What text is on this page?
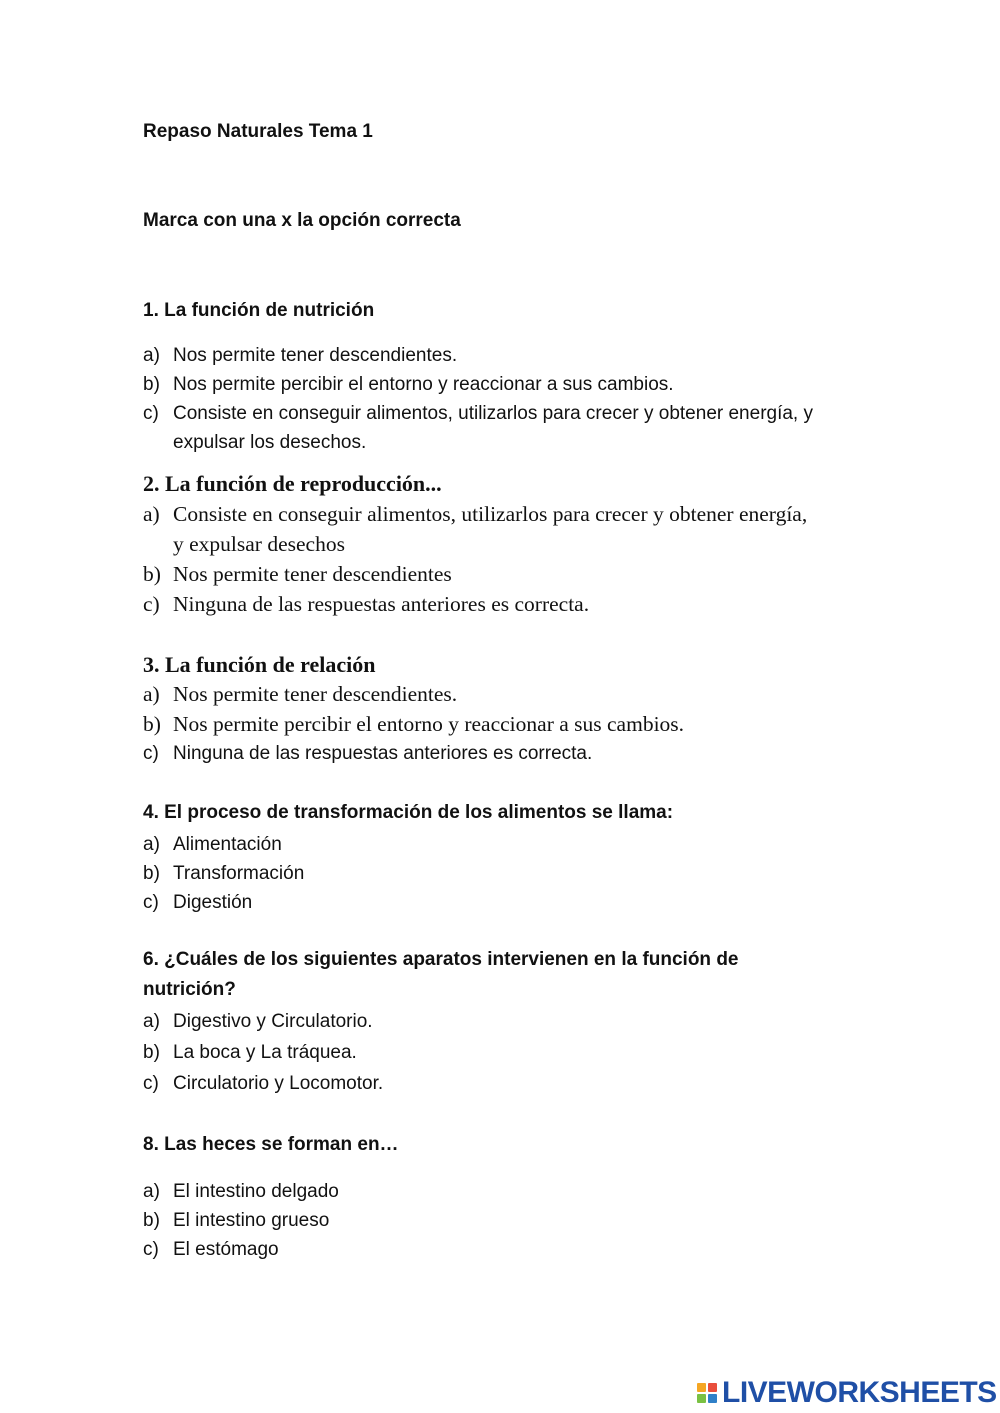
Repaso Naturales Tema 1
Marca con una x la opción correcta
1. La función de nutrición
a) Nos permite tener descendientes.
b) Nos permite percibir el entorno y reaccionar a sus cambios.
c) Consiste en conseguir alimentos, utilizarlos para crecer y obtener energía, y expulsar los desechos.
2. La función de reproducción...
a) Consiste en conseguir alimentos, utilizarlos para crecer y obtener energía, y expulsar desechos
b) Nos permite tener descendientes
c) Ninguna de las respuestas anteriores es correcta.
3. La función de relación
a) Nos permite tener descendientes.
b) Nos permite percibir el entorno y reaccionar a sus cambios.
c) Ninguna de las respuestas anteriores es correcta.
4. El proceso de transformación de los alimentos se llama:
a) Alimentación
b) Transformación
c) Digestión
6. ¿Cuáles de los siguientes aparatos intervienen en la función de
nutrición?
a) Digestivo y Circulatorio.
b) La boca y La tráquea.
c) Circulatorio y Locomotor.
8. Las heces se forman en…
a) El intestino delgado
b) El intestino grueso
c) El estómago
LIVEWORKSHEETS
